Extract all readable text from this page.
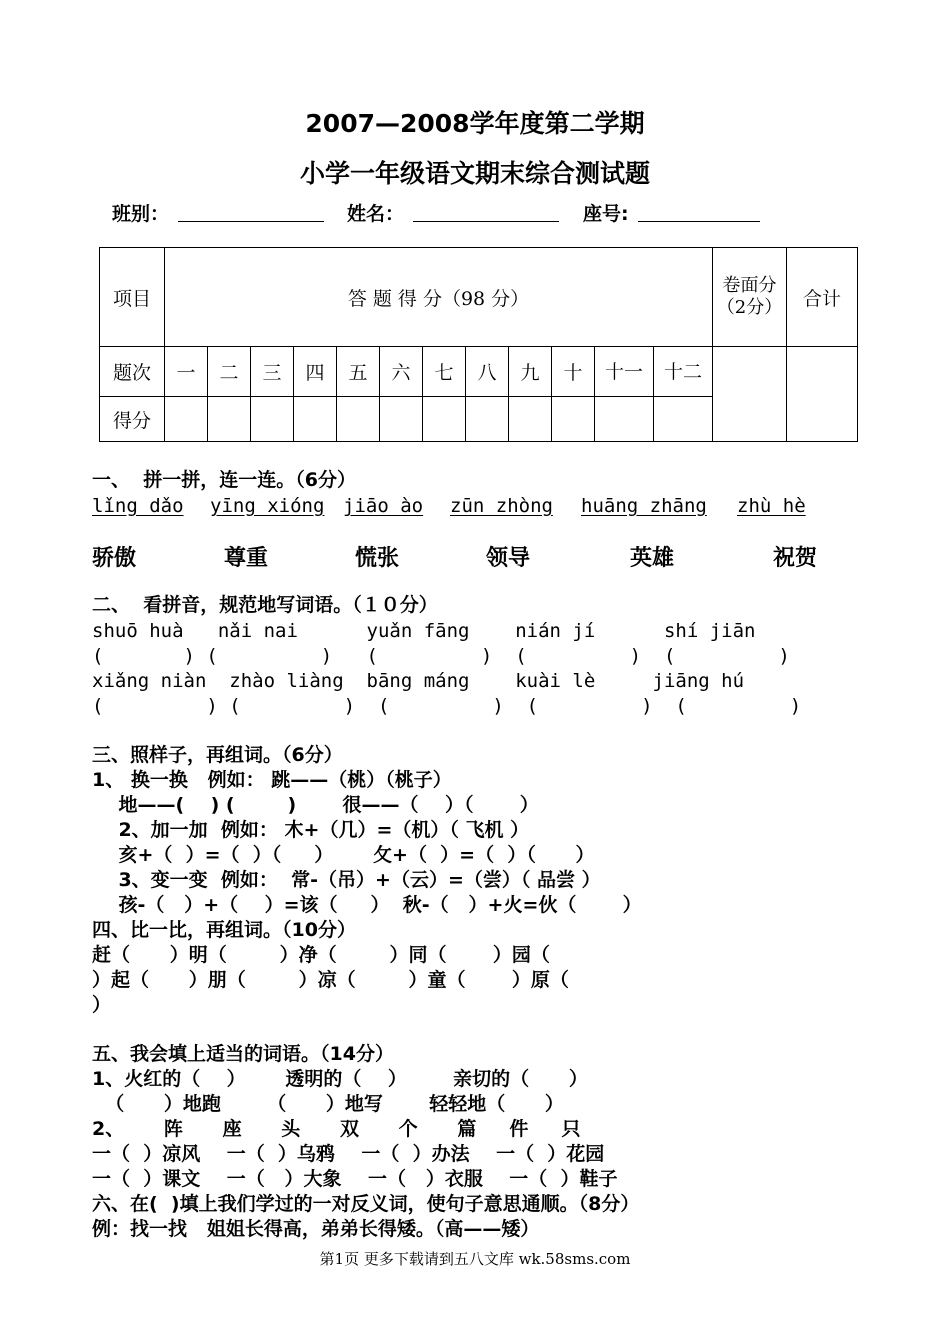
2007—2008学年度第二学期
小学一年级语文期末综合测试题
班别：	姓名：	座号:
项目	答 题 得 分（98 分）												卷面分（2分）	合计
题次	一	二	三	四	五	六	七	八	九	十	十一	十二		
得分														
一、  拼一拼，连一连。（6分）
lǐng dǎo yīng xióng jiāo ào zūn zhòng huāng zhāng zhù hè
骄傲	尊重	慌张	领导	英雄	祝贺
二、  看拼音，规范地写词语。（１０分）
shuō huà   nǎi nai      yuǎn fāng    nián jí      shí jiān
(       ) (         )   (         )  (         )  (         )
xiǎng niàn  zhào liàng  bāng máng    kuài lè     jiāng hú
(         ) (         )  (         )  (         )  (         )
三、照样子，再组词。（6分）
1、 换一换   例如： 跳——（桃）（桃子）
地——(    ) (        )       很——（    ）（       ）
2、加一加  例如： 木+（几）=（机）（ 飞机 ）
亥+（  ）=（  ）（     ）      攵+（  ）=（  ）（      ）
3、变一变  例如：  常-（吊）+（云）=（尝）（ 品尝 ）
孩-（   ）+（    ）=该（     ）  秋-（   ）+火=伙（       ）
四、比一比，再组词。（10分）
赶（      ）明（        ）净（        ）同（       ）园（
）起（      ）朋（        ）凉（        ）童（       ）原（
）
五、我会填上适当的词语。（14分）
1、火红的（    ）      透明的（    ）       亲切的（      ）
（      ）地跑       （      ）地写       轻轻地（      ）
2、      阵      座      头      双      个      篇     件     只
一（  ）凉风    一（  ）乌鸦    一（  ）办法    一（  ）花园
一（  ）课文    一（   ）大象    一（   ）衣服    一（  ）鞋子
六、在(  )填上我们学过的一对反义词，使句子意思通顺。（8分）
例：找一找   姐姐长得高，弟弟长得矮。（高——矮）
第1页 更多下载请到五八文库 wk.58sms.com
